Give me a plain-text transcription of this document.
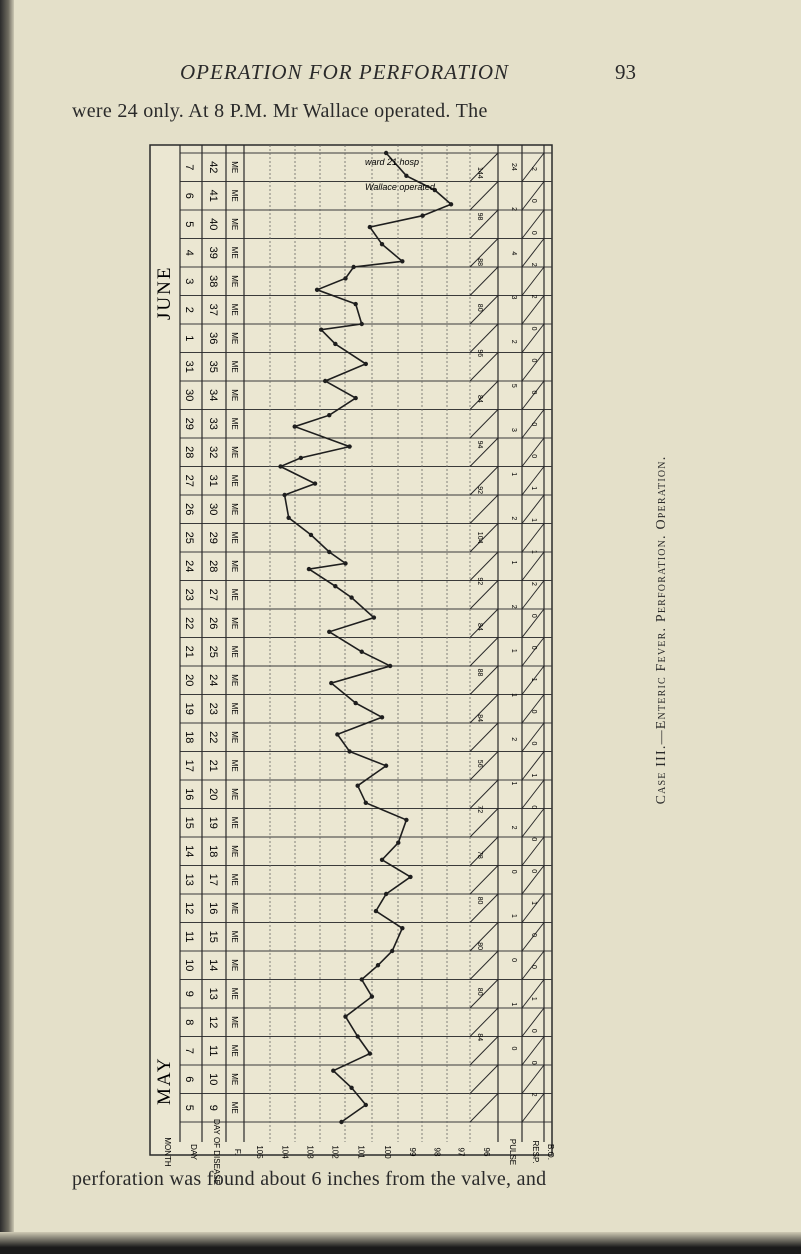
OPERATION FOR PERFORATION	93
were 24 only. At 8 P.M. Mr Wallace operated. The
7 42 ME
6 41 ME
5 40 ME
4 39 ME
3 38 ME
2 37 ME
1 36 ME
31 35 ME
30 34 ME
29 33 ME
28 32 ME
27 31 ME
26 30 ME
25 29 ME
24 28 ME
23 27 ME
22 26 ME
21 25 ME
20 24 ME
19 23 ME
18 22 ME
17 21 ME
16 20 ME
15 19 ME
14 18 ME
13 17 ME
12 16 ME
11 15 ME
10 14 ME
9 13 ME
8 12 ME
7 11 ME
6 10 ME
5 9 ME
MONTH DAY DAY OF DISEASE F. 105 104 103 102 101 100 99 98 97 96 PULSE RESP. B.O.
144
98
88
80
96
84
94
92
104
92
84
88
84
56
72
78
80
80
80
84
24
2
4
3
2
5
3
1
2
1
2
1
1
2
1
2
0
1
0
1
0
2
0
0
2
2
0
0
0
0
0
1
1
1
2
0
0
1
0
0
1
0
0
0
1
0
0
1
0
0
2
JUNE
MAY
ward 21 hosp
Wallace operated
Case III.—Enteric Fever. Perforation. Operation.
perforation was found about 6 inches from the valve, and
